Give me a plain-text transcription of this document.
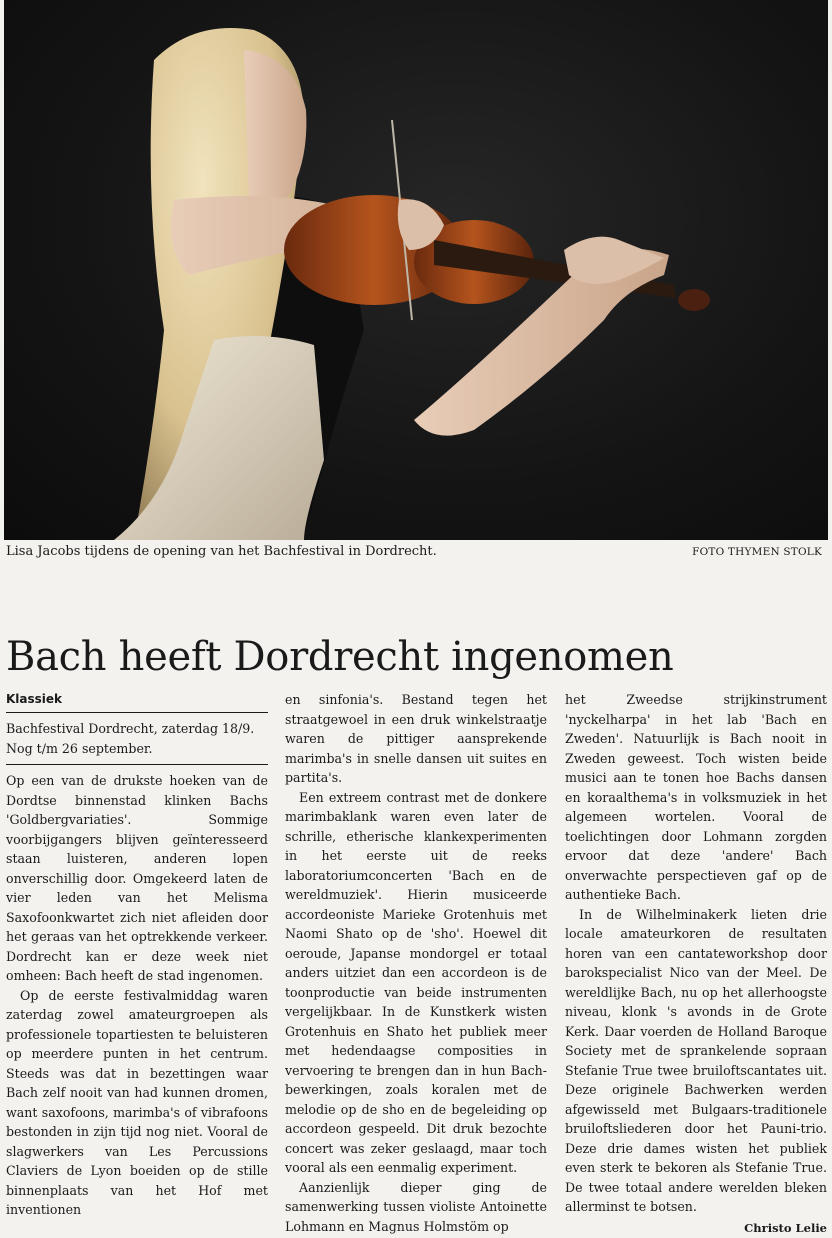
Lisa Jacobs tijdens de opening van het Bachfestival in Dordrecht.	FOTO THYMEN STOLK
Bach heeft Dordrecht ingenomen
Klassiek
Bachfestival Dordrecht, zaterdag 18/9. Nog t/m 26 september.

Op een van de drukste hoeken van de Dordtse binnenstad klinken Bachs 'Goldbergvariaties'. Sommige voorbijgangers blijven geïnteresseerd staan luisteren, anderen lopen onverschillig door. Omgekeerd laten de vier leden van het Melisma Saxofoonkwartet zich niet afleiden door het geraas van het optrekkende verkeer. Dordrecht kan er deze week niet omheen: Bach heeft de stad ingenomen.

Op de eerste festivalmiddag waren zaterdag zowel amateurgroepen als professionele topartiesten te beluisteren op meerdere punten in het centrum. Steeds was dat in bezettingen waar Bach zelf nooit van had kunnen dromen, want saxofoons, marimba's of vibrafoons bestonden in zijn tijd nog niet. Vooral de slagwerkers van Les Percussions Claviers de Lyon boeiden op de stille binnenplaats van het Hof met inventionen

en sinfonia's. Bestand tegen het straatgewoel in een druk winkelstraatje waren de pittiger aansprekende marimba's in snelle dansen uit suites en partita's.

Een extreem contrast met de donkere marimbaklank waren even later de schrille, etherische klankexperimenten in het eerste uit de reeks laboratoriumconcerten 'Bach en de wereldmuziek'. Hierin musiceerde accordeoniste Marieke Grotenhuis met Naomi Shato op de 'sho'. Hoewel dit oeroude, Japanse mondorgel er totaal anders uitziet dan een accordeon is de toonproductie van beide instrumenten vergelijkbaar. In de Kunstkerk wisten Grotenhuis en Shato het publiek meer met hedendaagse composities in vervoering te brengen dan in hun Bach-bewerkingen, zoals koralen met de melodie op de sho en de begeleiding op accordeon gespeeld. Dit druk bezochte concert was zeker geslaagd, maar toch vooral als een eenmalig experiment.

Aanzienlijk dieper ging de samenwerking tussen violiste Antoinette Lohmann en Magnus Holmstöm op

het Zweedse strijkinstrument 'nyckelharpa' in het lab 'Bach en Zweden'. Natuurlijk is Bach nooit in Zweden geweest. Toch wisten beide musici aan te tonen hoe Bachs dansen en koraalthema's in volksmuziek in het algemeen wortelen. Vooral de toelichtingen door Lohmann zorgden ervoor dat deze 'andere' Bach onverwachte perspectieven gaf op de authentieke Bach.

In de Wilhelminakerk lieten drie locale amateurkoren de resultaten horen van een cantateworkshop door barokspecialist Nico van der Meel. De wereldlijke Bach, nu op het allerhoogste niveau, klonk 's avonds in de Grote Kerk. Daar voerden de Holland Baroque Society met de sprankelende sopraan Stefanie True twee bruiloftscantates uit. Deze originele Bachwerken werden afgewisseld met Bulgaars-traditionele bruiloftsliederen door het Pauni-trio. Deze drie dames wisten het publiek even sterk te bekoren als Stefanie True. De twee totaal andere werelden bleken allerminst te botsen.

Christo Lelie
